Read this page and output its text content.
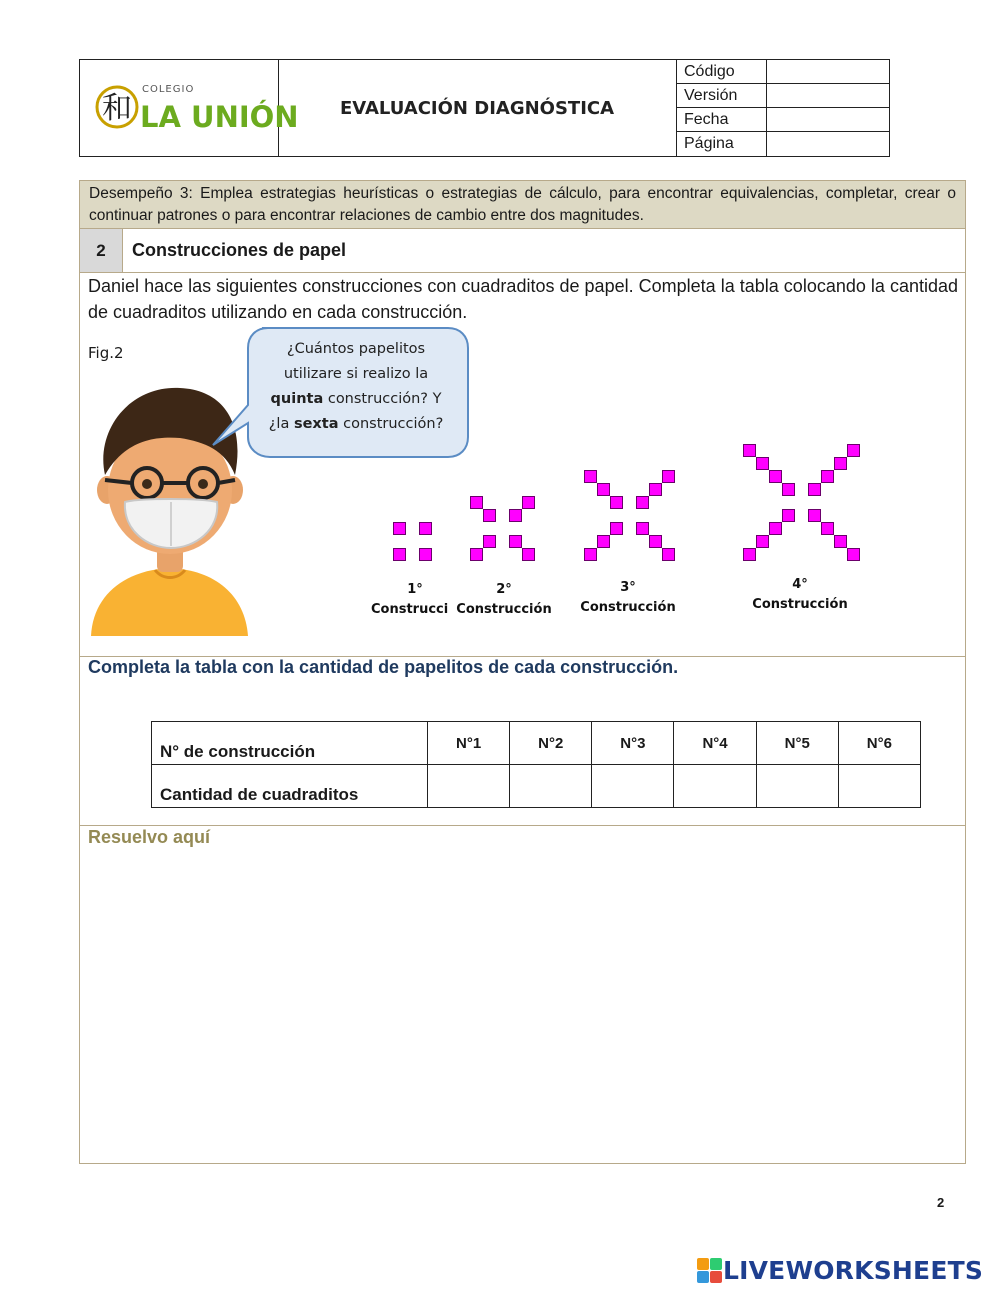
和
COLEGIO
LA UNIÓN	EVALUACIÓN DIAGNÓSTICA
Código
Versión
Fecha
Página
Desempeño 3: Emplea estrategias heurísticas o estrategias de cálculo, para encontrar equivalencias, completar, crear o continuar patrones o para encontrar relaciones de cambio entre dos magnitudes.
2	Construcciones de papel
Daniel hace las siguientes construcciones con cuadraditos de papel. Completa la tabla colocando la cantidad de cuadraditos utilizando en cada construcción.
Fig.2
Completa la tabla con la cantidad de papelitos de cada construcción.
N° de construcción	N°1	N°2	N°3	N°4	N°5	N°6
Cantidad de cuadraditos						
Resuelvo aquí
¿Cuántos papelitos
utilizare si realizo la
quinta construcción? Y
¿la sexta construcción?
1°
Construcci
2°
Construcción
3°
Construcción
4°
Construcción
2
LIVEWORKSHEETS
